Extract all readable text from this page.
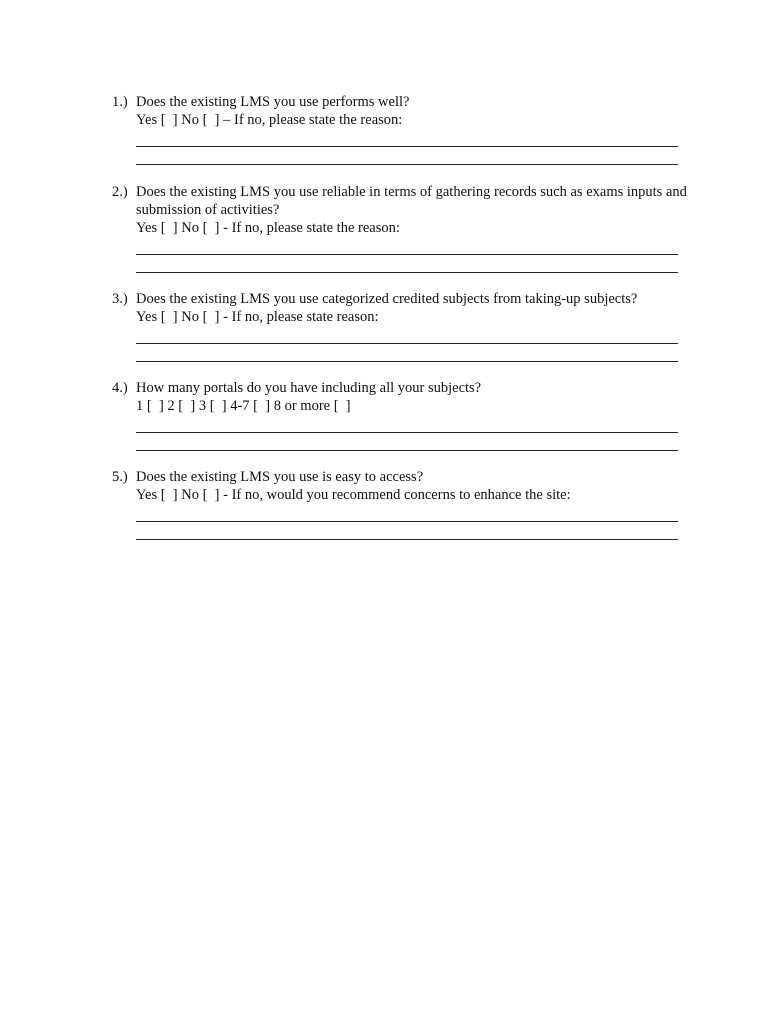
1.) Does the existing LMS you use performs well?
Yes [  ] No [  ] – If no, please state the reason:
2.) Does the existing LMS you use reliable in terms of gathering records such as exams inputs and submission of activities?
Yes [  ] No [  ] - If no, please state the reason:
3.) Does the existing LMS you use categorized credited subjects from taking-up subjects?
Yes [  ] No [  ] - If no, please state reason:
4.) How many portals do you have including all your subjects?
1 [  ] 2 [  ] 3 [  ] 4-7 [  ] 8 or more [  ]
5.) Does the existing LMS you use is easy to access?
Yes [  ] No [  ] - If no, would you recommend concerns to enhance the site:
